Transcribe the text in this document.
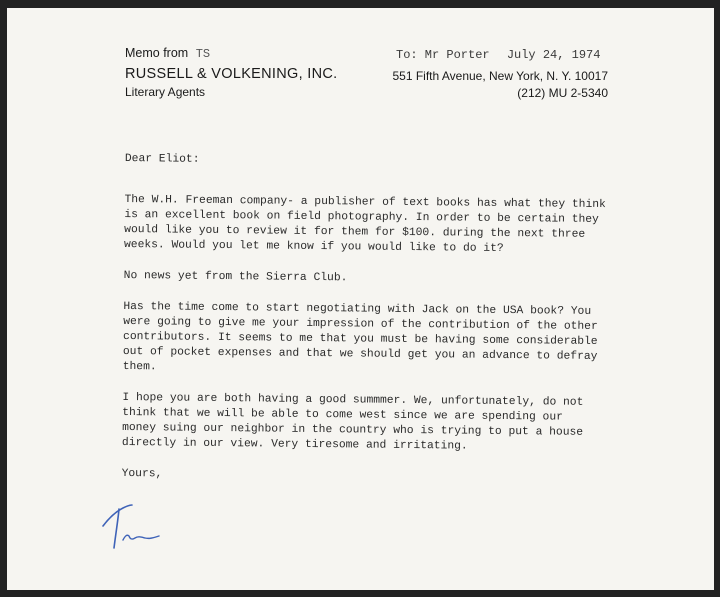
Memo from TS
RUSSELL & VOLKENING, INC.
Literary Agents
To: Mr Porter July 24, 1974
551 Fifth Avenue, New York, N. Y. 10017
(212) MU 2-5340

Dear Eliot:

The W.H. Freeman company- a publisher of text books has what they think
is an excellent book on field photography. In order to be certain they
would like you to review it for them for $100. during the next three
weeks. Would you let me know if you would like to do it?

No news yet from the Sierra Club.

Has the time come to start negotiating with Jack on the USA book? You
were going to give me your impression of the contribution of the other
contributors. It seems to me that you must be having some considerable
out of pocket expenses and that we should get you an advance to defray
them.

I hope you are both having a good summmer. We, unfortunately, do not
think that we will be able to come west since we are spending our
money suing our neighbor in the country who is trying to put a house
directly in our view. Very tiresome and irritating.

Yours,
